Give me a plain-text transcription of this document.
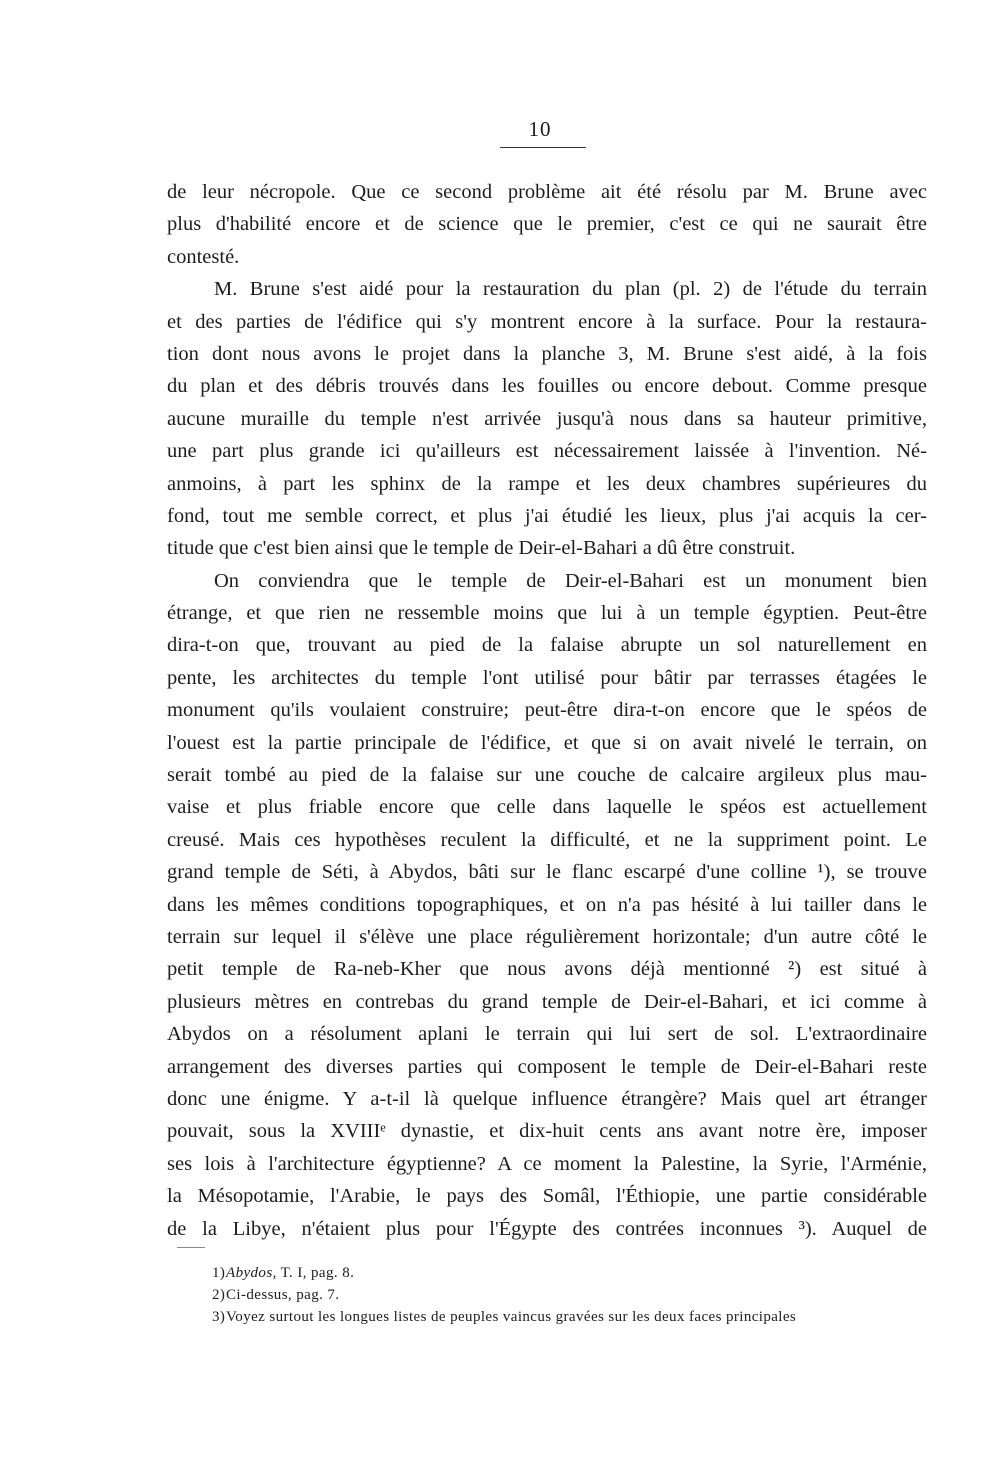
10
de leur nécropole. Que ce second problème ait été résolu par M. Brune avec
plus d'habilité encore et de science que le premier, c'est ce qui ne saurait être
contesté.
M. Brune s'est aidé pour la restauration du plan (pl. 2) de l'étude du terrain
et des parties de l'édifice qui s'y montrent encore à la surface. Pour la restaura-
tion dont nous avons le projet dans la planche 3, M. Brune s'est aidé, à la fois
du plan et des débris trouvés dans les fouilles ou encore debout. Comme presque
aucune muraille du temple n'est arrivée jusqu'à nous dans sa hauteur primitive,
une part plus grande ici qu'ailleurs est nécessairement laissée à l'invention. Né-
anmoins, à part les sphinx de la rampe et les deux chambres supérieures du
fond, tout me semble correct, et plus j'ai étudié les lieux, plus j'ai acquis la cer-
titude que c'est bien ainsi que le temple de Deir-el-Bahari a dû être construit.
On conviendra que le temple de Deir-el-Bahari est un monument bien
étrange, et que rien ne ressemble moins que lui à un temple égyptien. Peut-être
dira-t-on que, trouvant au pied de la falaise abrupte un sol naturellement en
pente, les architectes du temple l'ont utilisé pour bâtir par terrasses étagées le
monument qu'ils voulaient construire; peut-être dira-t-on encore que le spéos de
l'ouest est la partie principale de l'édifice, et que si on avait nivelé le terrain, on
serait tombé au pied de la falaise sur une couche de calcaire argileux plus mau-
vaise et plus friable encore que celle dans laquelle le spéos est actuellement
creusé. Mais ces hypothèses reculent la difficulté, et ne la suppriment point. Le
grand temple de Séti, à Abydos, bâti sur le flanc escarpé d'une colline ¹), se trouve
dans les mêmes conditions topographiques, et on n'a pas hésité à lui tailler dans le
terrain sur lequel il s'élève une place régulièrement horizontale; d'un autre côté le
petit temple de Ra-neb-Kher que nous avons déjà mentionné ²) est situé à
plusieurs mètres en contrebas du grand temple de Deir-el-Bahari, et ici comme à
Abydos on a résolument aplani le terrain qui lui sert de sol. L'extraordinaire
arrangement des diverses parties qui composent le temple de Deir-el-Bahari reste
donc une énigme. Y a-t-il là quelque influence étrangère? Mais quel art étranger
pouvait, sous la XVIIIᵉ dynastie, et dix-huit cents ans avant notre ère, imposer
ses lois à l'architecture égyptienne? A ce moment la Palestine, la Syrie, l'Arménie,
la Mésopotamie, l'Arabie, le pays des Somâl, l'Éthiopie, une partie considérable
de la Libye, n'étaient plus pour l'Égypte des contrées inconnues ³). Auquel de
1)Abydos, T. I, pag. 8.
2)Ci-dessus, pag. 7.
3)Voyez surtout les longues listes de peuples vaincus gravées sur les deux faces principales
